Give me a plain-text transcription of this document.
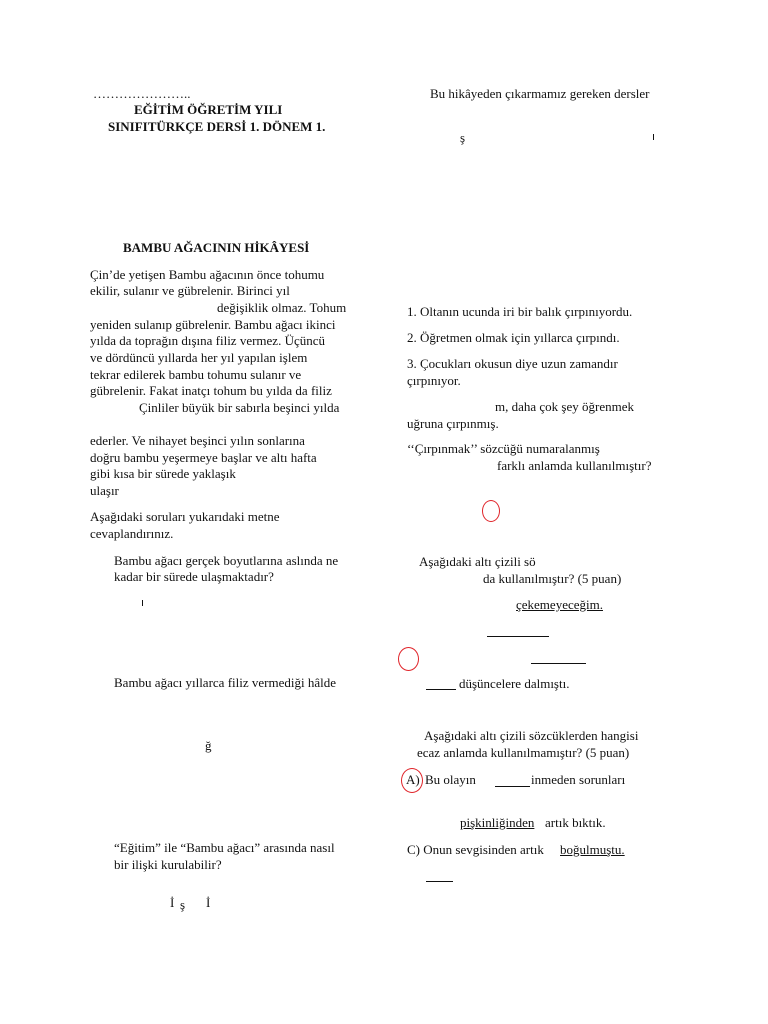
…………………..
EĞİTİM ÖĞRETİM YILI
SINIFITÜRKÇE DERSİ 1. DÖNEM 1.
BAMBU AĞACININ HİKÂYESİ
Çin’de yetişen Bambu ağacının önce tohumu
ekilir, sulanır ve gübrelenir. Birinci yıl
değişiklik olmaz. Tohum
yeniden sulanıp gübrelenir. Bambu ağacı ikinci
yılda da toprağın dışına filiz vermez. Üçüncü
ve dördüncü yıllarda her yıl yapılan işlem
tekrar edilerek bambu tohumu sulanır ve
gübrelenir. Fakat inatçı tohum bu yılda da filiz
Çinliler büyük bir sabırla beşinci yılda
ederler. Ve nihayet beşinci yılın sonlarına
doğru bambu yeşermeye başlar ve altı hafta
gibi kısa bir sürede yaklaşık
ulaşır
Aşağıdaki soruları yukarıdaki metne
cevaplandırınız.
Bambu ağacı gerçek boyutlarına aslında ne
kadar bir sürede ulaşmaktadır?
Bambu ağacı yıllarca filiz vermediği hâlde
ğ
“Eğitim” ile “Bambu ağacı” arasında nasıl
bir ilişki kurulabilir?
İ ş İ
Bu hikâyeden çıkarmamız gereken dersler
ş
1. Oltanın ucunda iri bir balık çırpınıyordu.
2. Öğretmen olmak için yıllarca çırpındı.
3. Çocukları okusun diye uzun zamandır
çırpınıyor.
m, daha çok şey öğrenmek
uğruna çırpınmış.
‘‘Çırpınmak’’ sözcüğü numaralanmış
farklı anlamda kullanılmıştır?
Aşağıdaki altı çizili sö
da kullanılmıştır? (5 puan)
çekemeyeceğim.
düşüncelere dalmıştı.
Aşağıdaki altı çizili sözcüklerden hangisi
ecaz anlamda kullanılmamıştır? (5 puan)
A) Bu olayın	inmeden sorunları
pişkinliğinden artık bıktık.
C) Onun sevgisinden artık boğulmuştu.
